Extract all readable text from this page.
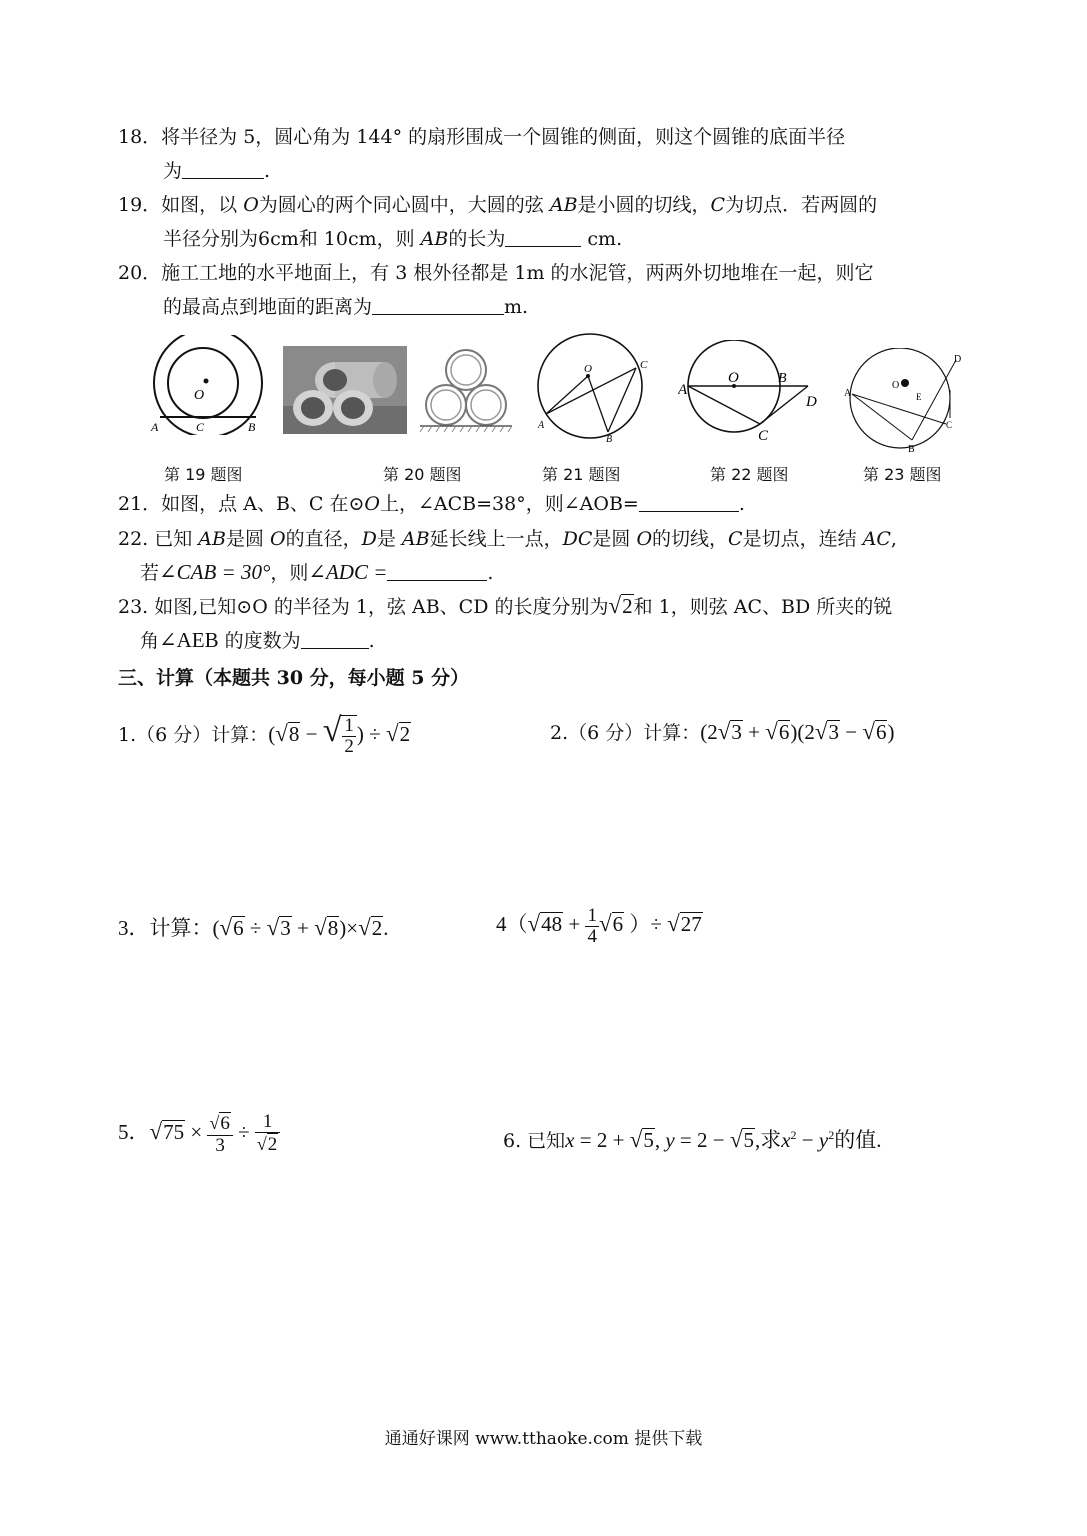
18．将半径为 5，圆心角为 144° 的扇形围成一个圆锥的侧面，则这个圆锥的底面半径
为	.
19．如图，以 O为圆心的两个同心圆中，大圆的弦 AB是小圆的切线，C为切点．若两圆的
半径分别为6cm和 10cm，则 AB的长为	cm.
20．施工工地的水平地面上，有 3 根外径都是 1m 的水泥管，两两外切地堆在一起，则它
的最高点到地面的距离为	m.
O
A	C	B
O	C
A
B
A
O	B
D
C
D
A
O
E
C
B
第 19 题图	第 20 题图	第 21 题图	第 22 题图	第 23 题图
21．如图，点 A、B、C 在⊙O上，∠ACB=38°，则∠AOB=	.
22. 已知 AB是圆 O的直径，D是 AB延长线上一点，DC是圆 O的切线，C是切点，连结 AC,
若∠CAB = 30°，则∠ADC =	.
23. 如图,已知⊙O 的半径为 1，弦 AB、CD 的长度分别为√2和 1，则弦 AC、BD 所夹的锐
角∠AEB 的度数为	.
三、计算（本题共 30 分，每小题 5 分）
1.（6 分）计算：(√8 − √ $\frac{1}{2}$ ) ÷ √2	2.（6 分）计算：(2√3 + √6)(2√3 − √6)
3．计算：(√6 ÷ √3 + √8)×√2.	$4(√48 + \frac{1}{4} √6$ ）÷ √27
5．$√75 \times \frac{√6}{3} \div \frac{1}{√2}$	6. 已知x = 2 + √5, y = 2 − √5,求$x^2 - y^2$的值.
通通好课网 www.tthaoke.com 提供下载
